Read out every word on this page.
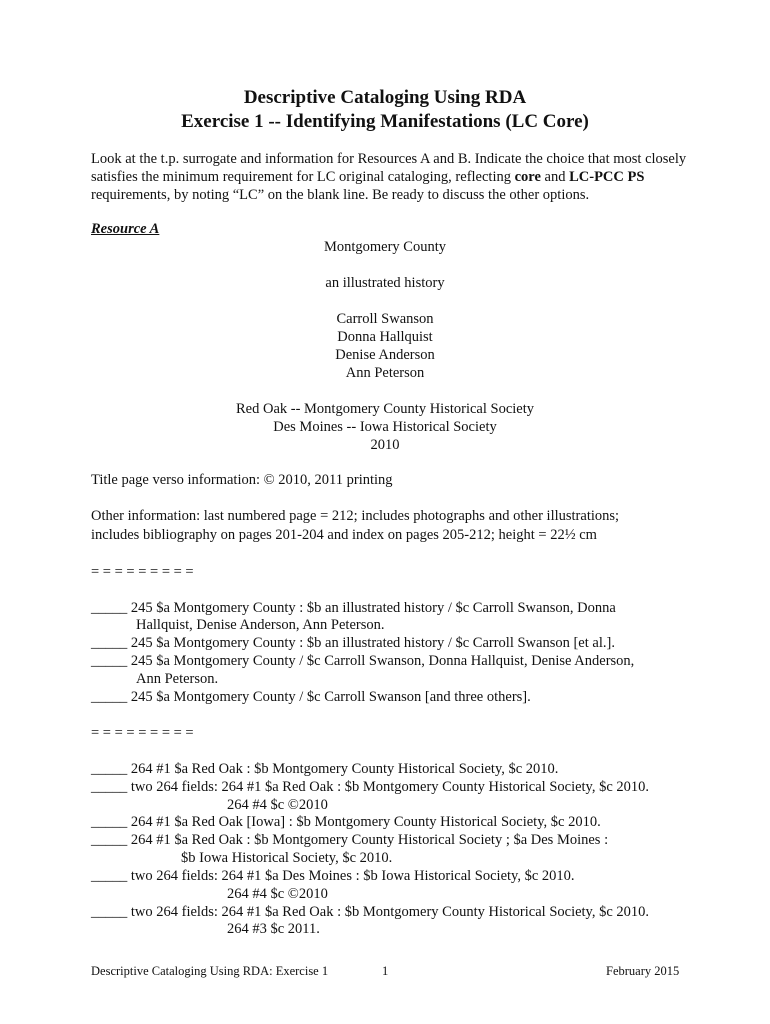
Descriptive Cataloging Using RDA
Exercise 1 -- Identifying Manifestations (LC Core)
Look at the t.p. surrogate and information for Resources A and B. Indicate the choice that most closely satisfies the minimum requirement for LC original cataloging, reflecting core and LC-PCC PS requirements, by noting “LC” on the blank line. Be ready to discuss the other options.
Resource A
Montgomery County
an illustrated history
Carroll Swanson
Donna Hallquist
Denise Anderson
Ann Peterson
Red Oak -- Montgomery County Historical Society
Des Moines -- Iowa Historical Society
2010
Title page verso information: © 2010, 2011 printing
Other information: last numbered page = 212; includes photographs and other illustrations;
includes bibliography on pages 201-204 and index on pages 205-212; height = 22½ cm
= = = = = = = = =
_____ 245 $a Montgomery County : $b an illustrated history / $c Carroll Swanson, Donna
Hallquist, Denise Anderson, Ann Peterson.
_____ 245 $a Montgomery County : $b an illustrated history / $c Carroll Swanson [et al.].
_____ 245 $a Montgomery County / $c Carroll Swanson, Donna Hallquist, Denise Anderson,
Ann Peterson.
_____ 245 $a Montgomery County / $c Carroll Swanson [and three others].
= = = = = = = = =
_____ 264 #1 $a Red Oak : $b Montgomery County Historical Society, $c 2010.
_____ two 264 fields: 264 #1 $a Red Oak : $b Montgomery County Historical Society, $c 2010.
264 #4 $c ©2010
_____ 264 #1 $a Red Oak [Iowa] : $b Montgomery County Historical Society, $c 2010.
_____ 264 #1 $a Red Oak : $b Montgomery County Historical Society ; $a Des Moines :
$b Iowa Historical Society, $c 2010.
_____ two 264 fields: 264 #1 $a Des Moines : $b Iowa Historical Society, $c 2010.
264 #4 $c ©2010
_____ two 264 fields: 264 #1 $a Red Oak : $b Montgomery County Historical Society, $c 2010.
264 #3 $c 2011.
Descriptive Cataloging Using RDA: Exercise 1	1	February 2015
